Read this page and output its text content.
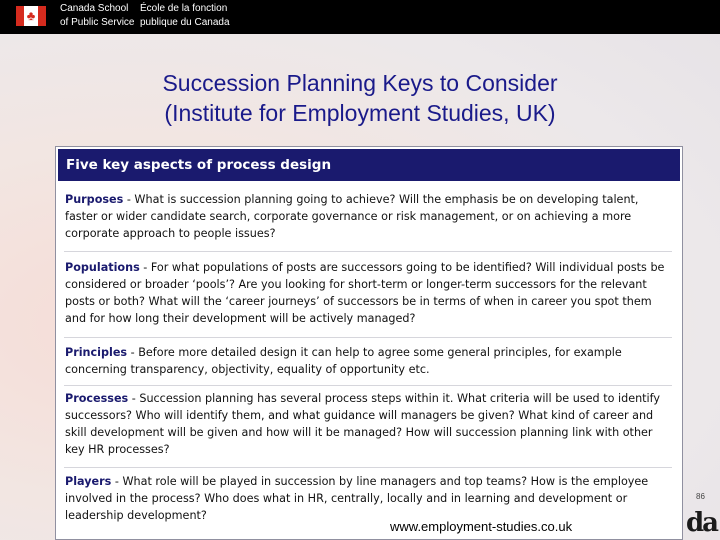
♣ Canada School
of Public Service
École de la fonction
publique du Canada
Succession Planning Keys to Consider
(Institute for Employment Studies, UK)
Five key aspects of process design
Purposes - What is succession planning going to achieve? Will the emphasis be on developing talent, faster or wider candidate search, corporate governance or risk management, or on achieving a more corporate approach to people issues?
Populations - For what populations of posts are successors going to be identified? Will individual posts be considered or broader ‘pools’? Are you looking for short-term or longer-term successors for the relevant posts or both? What will the ‘career journeys’ of successors be in terms of when in career you spot them and for how long their development will be actively managed?
Principles - Before more detailed design it can help to agree some general principles, for example concerning transparency, objectivity, equality of opportunity etc.
Processes - Succession planning has several process steps within it. What criteria will be used to identify successors? Who will identify them, and what guidance will managers be given? What kind of career and skill development will be given and how will it be managed? How will succession planning link with other key HR processes?
Players - What role will be played in succession by line managers and top teams? How is the employee involved in the process? Who does what in HR, centrally, locally and in learning and development or leadership development?
86
www.employment-studies.co.uk	da
